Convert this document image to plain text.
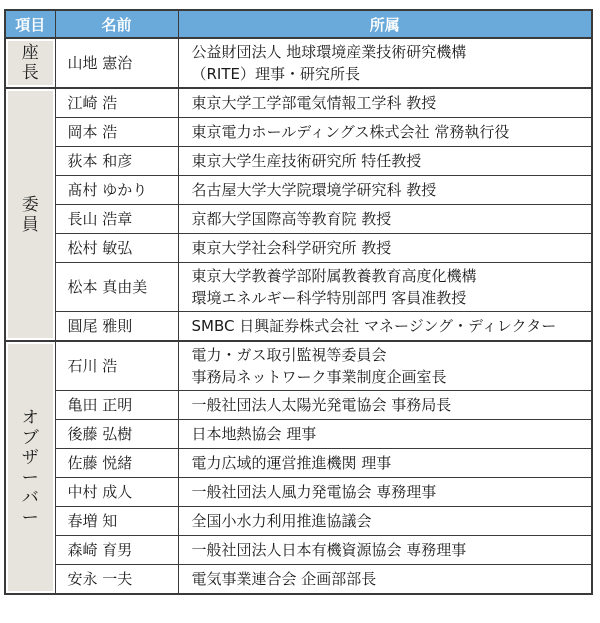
項目	名前	所属
座長	山地 憲治	公益財団法人 地球環境産業技術研究機構
（RITE）理事・研究所長

委員	江崎 浩	東京大学工学部電気情報工学科 教授
	岡本 浩	東京電力ホールディングス株式会社 常務執行役
	荻本 和彦	東京大学生産技術研究所 特任教授
	髙村 ゆかり	名古屋大学大学院環境学研究科 教授
	長山 浩章	京都大学国際高等教育院 教授
	松村 敏弘	東京大学社会科学研究所 教授
	松本 真由美	東京大学教養学部附属教養教育高度化機構
環境エネルギー科学特別部門 客員准教授

	圓尾 雅則	SMBC 日興証券株式会社 マネージング・ディレクター
オブザーバー	石川 浩	電力・ガス取引監視等委員会
事務局ネットワーク事業制度企画室長

	亀田 正明	一般社団法人太陽光発電協会 事務局長
	後藤 弘樹	日本地熱協会 理事
	佐藤 悦緒	電力広域的運営推進機関 理事
	中村 成人	一般社団法人風力発電協会 専務理事
	春増 知	全国小水力利用推進協議会
	森崎 育男	一般社団法人日本有機資源協会 専務理事
	安永 一夫	電気事業連合会 企画部部長
